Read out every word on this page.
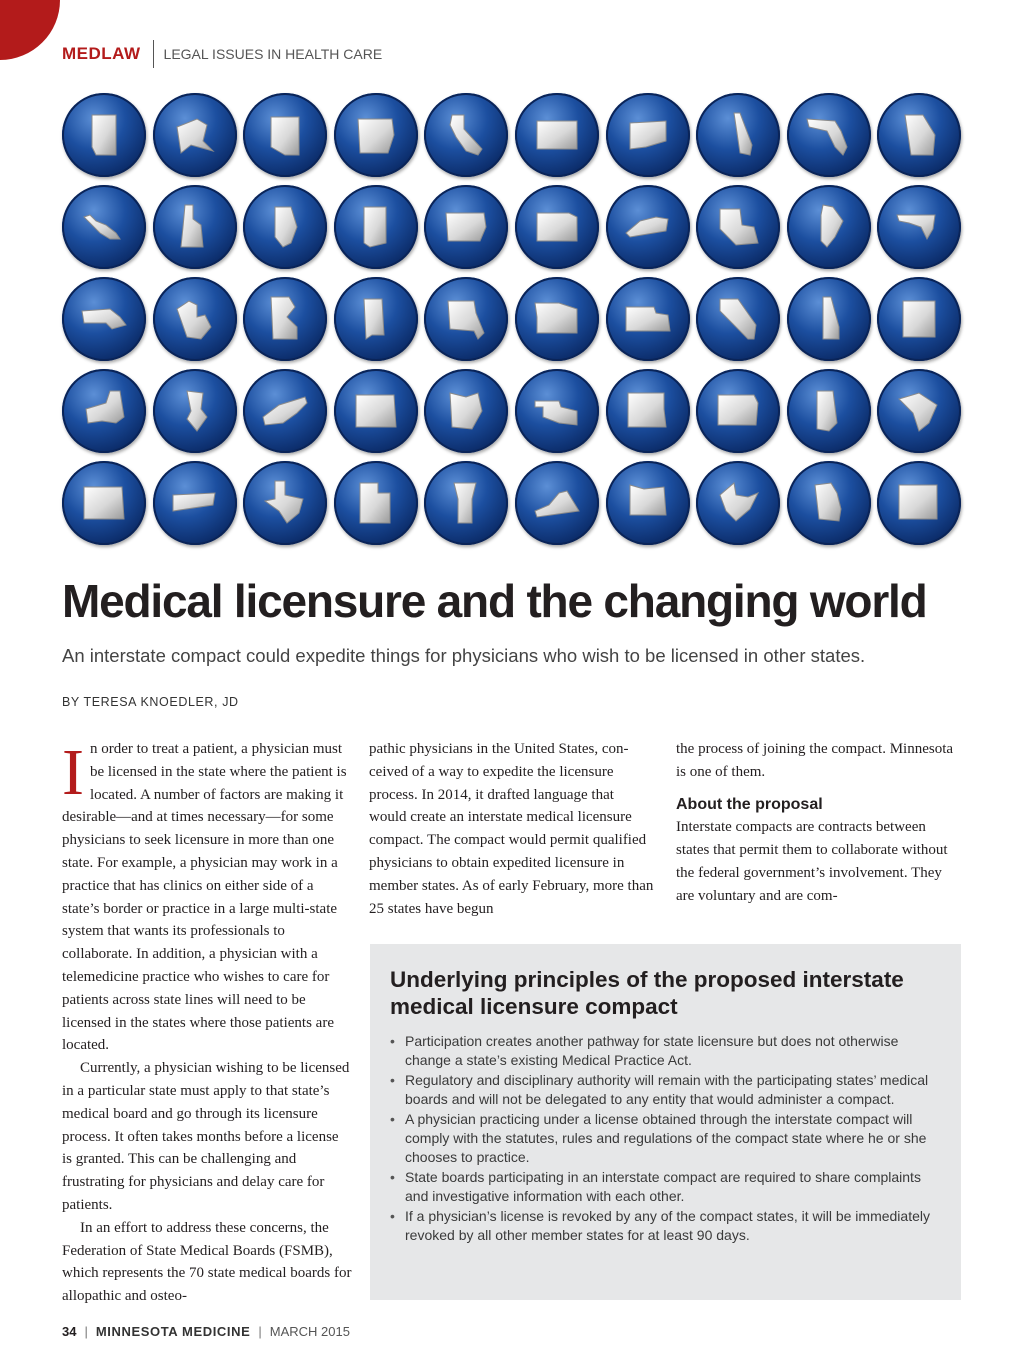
MEDLAW LEGAL ISSUES IN HEALTH CARE
Medical licensure and the changing world

An interstate compact could expedite things for physicians who wish to be licensed in other states.

BY TERESA KNOEDLER, JD

In order to treat a patient, a physician must be licensed in the state where the patient is located. A number of factors are making it desirable—and at times necessary—for some physicians to seek licensure in more than one state. For example, a physician may work in a practice that has clinics on either side of a state’s border or practice in a large multi-state system that wants its professionals to collaborate. In addition, a physician with a telemedicine practice who wishes to care for patients across state lines will need to be licensed in the states where those patients are located.

Currently, a physician wishing to be licensed in a particular state must apply to that state’s medical board and go through its licensure process. It often takes months before a license is granted. This can be challenging and frustrating for physicians and delay care for patients.

In an effort to address these concerns, the Federation of State Medical Boards (FSMB), which represents the 70 state medical boards for allopathic and osteo-

pathic physicians in the United States, conceived of a way to expedite the licensure process. In 2014, it drafted language that would create an interstate medical licensure compact. The compact would permit qualified physicians to obtain expedited licensure in member states. As of early February, more than 25 states have begun

the process of joining the compact. Minnesota is one of them.

About the proposal

Interstate compacts are contracts between states that permit them to collaborate without the federal government’s involvement. They are voluntary and are com-

Underlying principles of the proposed interstate medical licensure compact
• Participation creates another pathway for state licensure but does not otherwise change a state’s existing Medical Practice Act.
• Regulatory and disciplinary authority will remain with the participating states’ medical boards and will not be delegated to any entity that would administer a compact.
• A physician practicing under a license obtained through the interstate compact will comply with the statutes, rules and regulations of the compact state where he or she chooses to practice.
• State boards participating in an interstate compact are required to share complaints and investigative information with each other.
• If a physician’s license is revoked by any of the compact states, it will be immediately revoked by all other member states for at least 90 days.
34 | MINNESOTA MEDICINE | MARCH 2015
